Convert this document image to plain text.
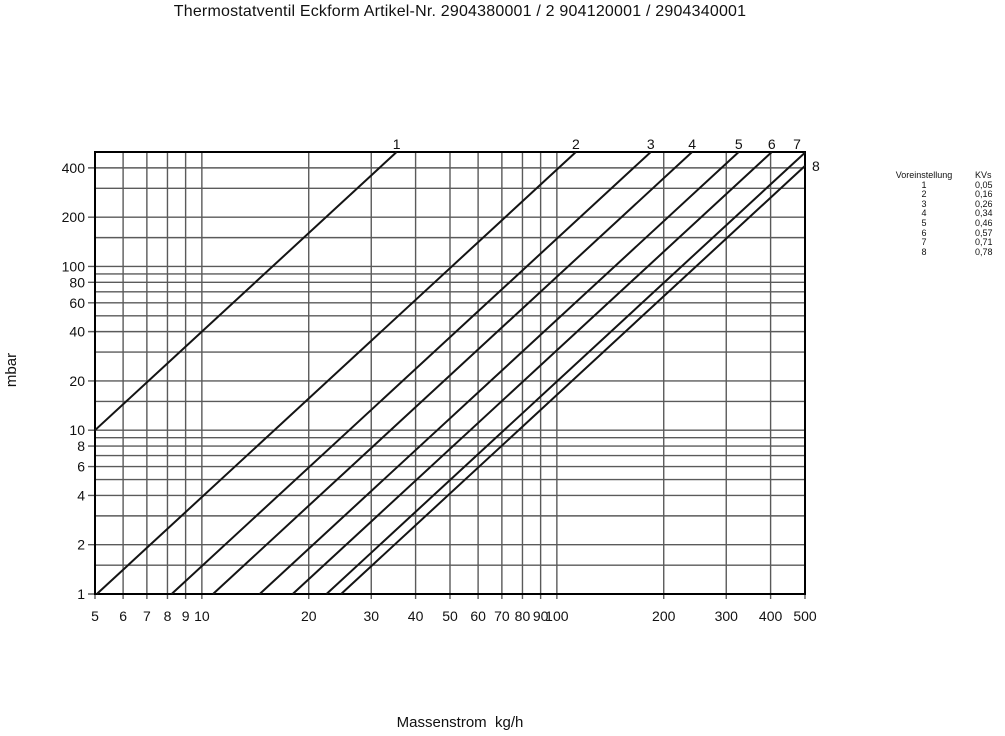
Thermostatventil Eckform Artikel-Nr. 2904380001 / 2 904120001 / 2904340001
mbar
1
2
4
6
8
10
20
40
60
80
100
200
400
5 6 7 8 9 10	20	30 40 50 60 70 80 90
100	200	300 400 500
1	2	3 4	5 6 7
8
Voreinstellung	KVs
1	0,05
2	0,16
3	0,26
4	0,34
5	0,46
6	0,57
7	0,71
8	0,78
Massenstrom  kg/h
